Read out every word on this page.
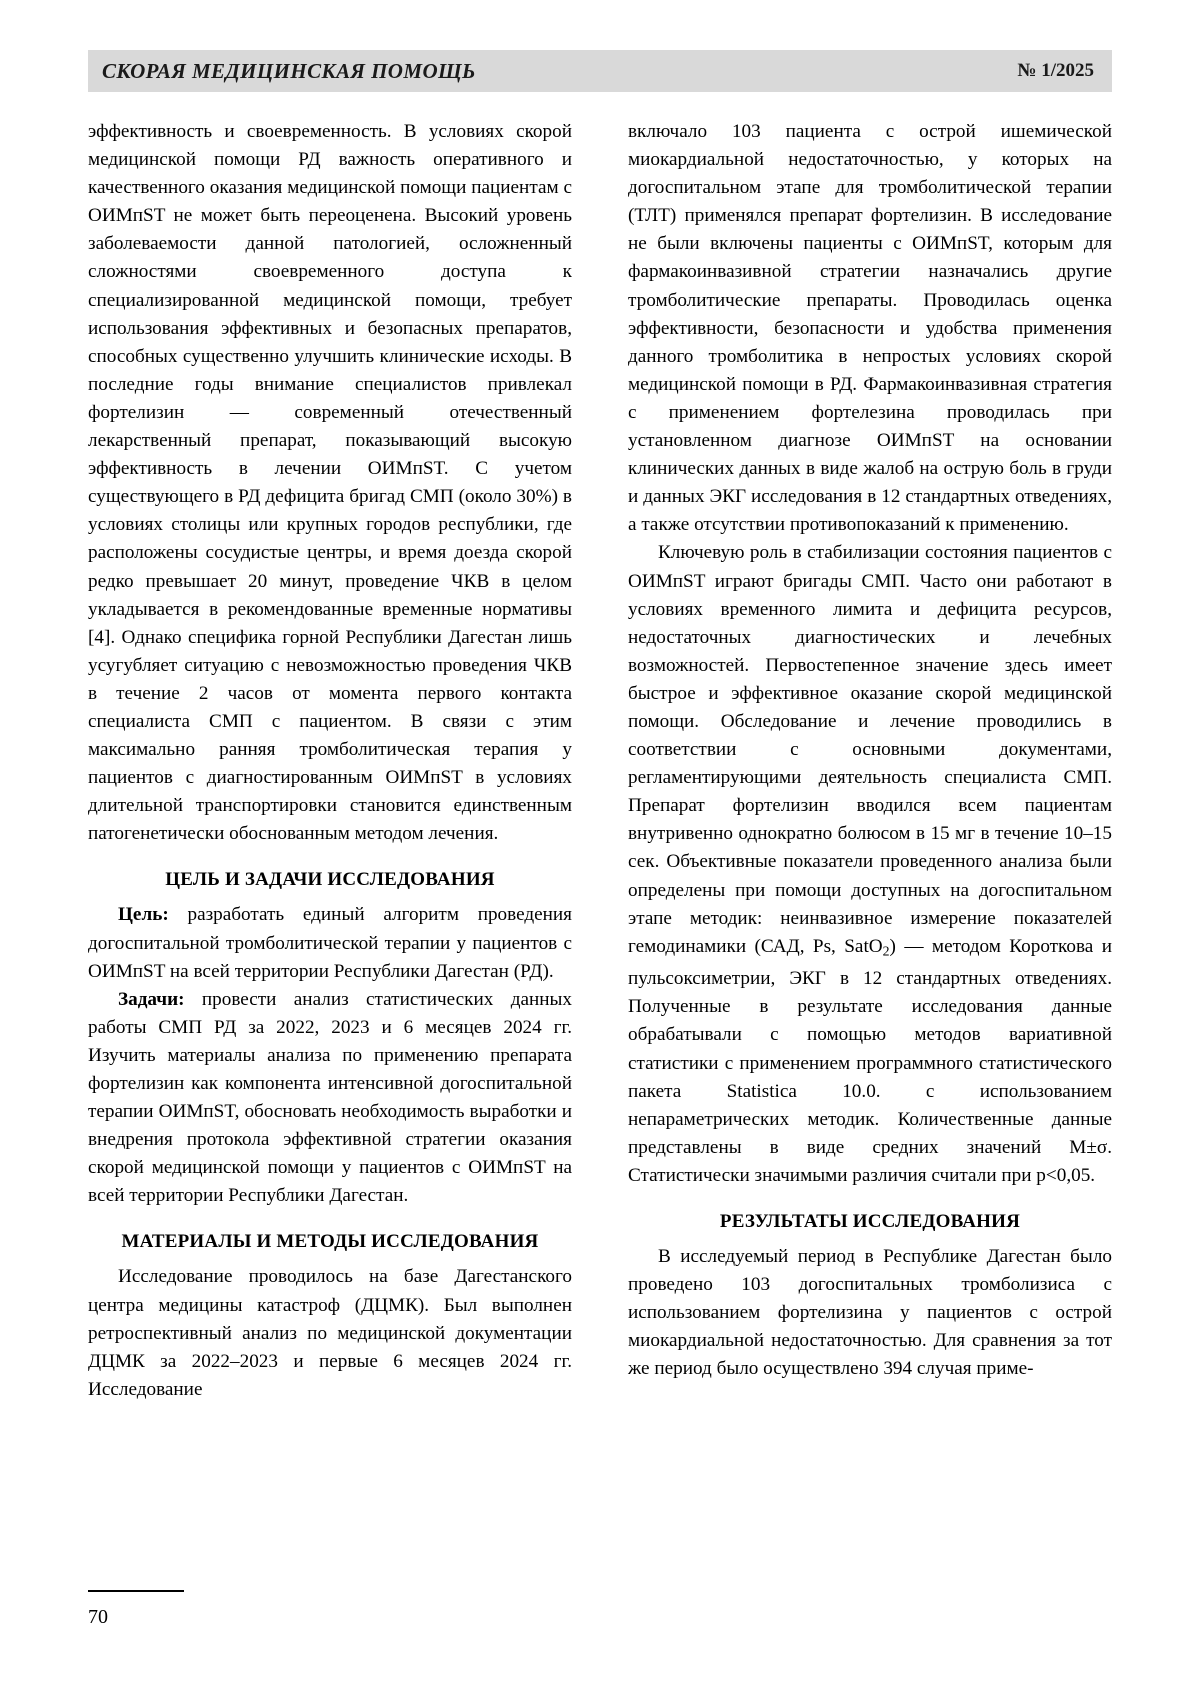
СКОРАЯ МЕДИЦИНСКАЯ ПОМОЩЬ	№ 1/2025

эффективность и своевременность. В условиях скорой медицинской помощи РД важность оперативного и качественного оказания медицинской помощи пациентам с ОИМпST не может быть переоценена. Высокий уровень заболеваемости данной патологией, осложненный сложностями своевременного доступа к специализированной медицинской помощи, требует использования эффективных и безопасных препаратов, способных существенно улучшить клинические исходы. В последние годы внимание специалистов привлекал фортелизин — современный отечественный лекарственный препарат, показывающий высокую эффективность в лечении ОИМпST. С учетом существующего в РД дефицита бригад СМП (около 30%) в условиях столицы или крупных городов республики, где расположены сосудистые центры, и время доезда скорой редко превышает 20 минут, проведение ЧКВ в целом укладывается в рекомендованные временные нормативы [4]. Однако специфика горной Республики Дагестан лишь усугубляет ситуацию с невозможностью проведения ЧКВ в течение 2 часов от момента первого контакта специалиста СМП с пациентом. В связи с этим максимально ранняя тромболитическая терапия у пациентов с диагностированным ОИМпST в условиях длительной транспортировки становится единственным патогенетически обоснованным методом лечения.

ЦЕЛЬ И ЗАДАЧИ ИССЛЕДОВАНИЯ

Цель: разработать единый алгоритм проведения догоспитальной тромболитической терапии у пациентов с ОИМпST на всей территории Республики Дагестан (РД).

Задачи: провести анализ статистических данных работы СМП РД за 2022, 2023 и 6 месяцев 2024 гг. Изучить материалы анализа по применению препарата фортелизин как компонента интенсивной догоспитальной терапии ОИМпST, обосновать необходимость выработки и внедрения протокола эффективной стратегии оказания скорой медицинской помощи у пациентов с ОИМпST на всей территории Республики Дагестан.

МАТЕРИАЛЫ И МЕТОДЫ ИССЛЕДОВАНИЯ

Исследование проводилось на базе Дагестанского центра медицины катастроф (ДЦМК). Был выполнен ретроспективный анализ по медицинской документации ДЦМК за 2022–2023 и первые 6 месяцев 2024 гг. Исследование

включало 103 пациента с острой ишемической миокардиальной недостаточностью, у которых на догоспитальном этапе для тромболитической терапии (ТЛТ) применялся препарат фортелизин. В исследование не были включены пациенты с ОИМпST, которым для фармакоинвазивной стратегии назначались другие тромболитические препараты. Проводилась оценка эффективности, безопасности и удобства применения данного тромболитика в непростых условиях скорой медицинской помощи в РД. Фармакоинвазивная стратегия с применением фортелезина проводилась при установленном диагнозе ОИМпST на основании клинических данных в виде жалоб на острую боль в груди и данных ЭКГ исследования в 12 стандартных отведениях, а также отсутствии противопоказаний к применению.

Ключевую роль в стабилизации состояния пациентов с ОИМпST играют бригады СМП. Часто они работают в условиях временного лимита и дефицита ресурсов, недостаточных диагностических и лечебных возможностей. Первостепенное значение здесь имеет быстрое и эффективное оказание скорой медицинской помощи. Обследование и лечение проводились в соответствии с основными документами, регламентирующими деятельность специалиста СМП. Препарат фортелизин вводился всем пациентам внутривенно однократно болюсом в 15 мг в течение 10–15 сек. Объективные показатели проведенного анализа были определены при помощи доступных на догоспитальном этапе методик: неинвазивное измерение показателей гемодинамики (САД, Ps, SatO$_2$) — методом Короткова и пульсоксиметрии, ЭКГ в 12 стандартных отведениях. Полученные в результате исследования данные обрабатывали с помощью методов вариативной статистики с применением программного статистического пакета Statistica 10.0. с использованием непараметрических методик. Количественные данные представлены в виде средних значений M±σ. Статистически значимыми различия считали при p<0,05.

РЕЗУЛЬТАТЫ ИССЛЕДОВАНИЯ

В исследуемый период в Республике Дагестан было проведено 103 догоспитальных тромболизиса с использованием фортелизина у пациентов с острой миокардиальной недостаточностью. Для сравнения за тот же период было осуществлено 394 случая приме-

70
